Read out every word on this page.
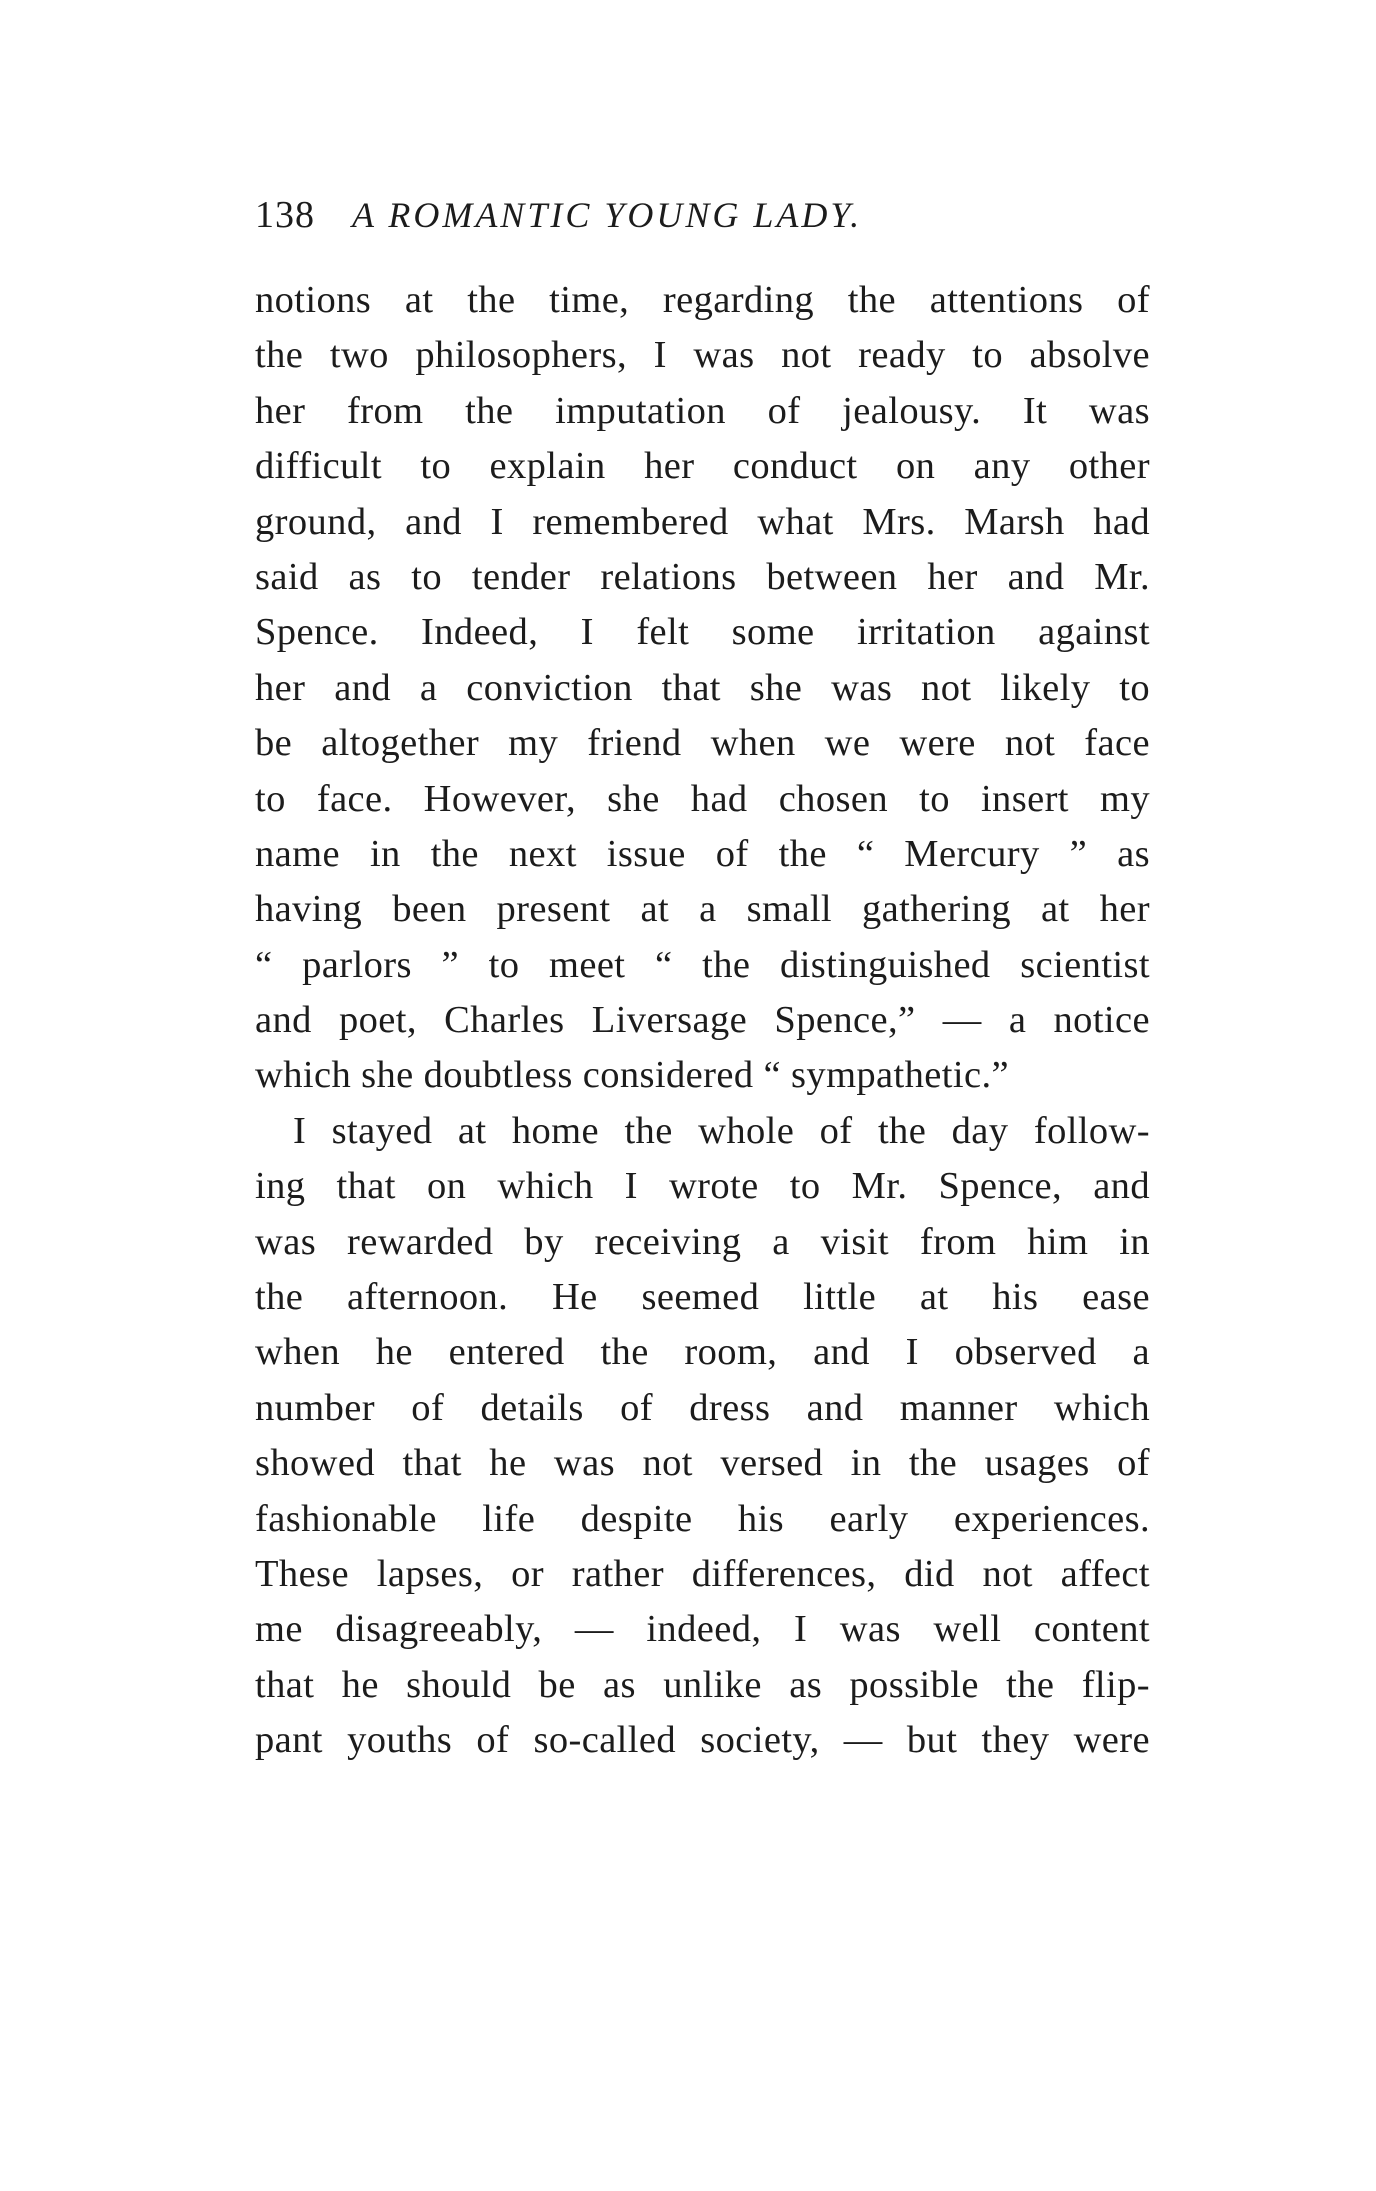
138 A ROMANTIC YOUNG LADY.
notions at the time, regarding the attentions of
the two philosophers, I was not ready to absolve
her from the imputation of jealousy. It was
difficult to explain her conduct on any other
ground, and I remembered what Mrs. Marsh had
said as to tender relations between her and Mr.
Spence. Indeed, I felt some irritation against
her and a conviction that she was not likely to
be altogether my friend when we were not face
to face. However, she had chosen to insert my
name in the next issue of the “ Mercury ” as
having been present at a small gathering at her
“ parlors ” to meet “ the distinguished scientist
and poet, Charles Liversage Spence,” — a notice
which she doubtless considered “ sympathetic.”
I stayed at home the whole of the day follow-
ing that on which I wrote to Mr. Spence, and
was rewarded by receiving a visit from him in
the afternoon. He seemed little at his ease
when he entered the room, and I observed a
number of details of dress and manner which
showed that he was not versed in the usages of
fashionable life despite his early experiences.
These lapses, or rather differences, did not affect
me disagreeably, — indeed, I was well content
that he should be as unlike as possible the flip-
pant youths of so-called society, — but they were
